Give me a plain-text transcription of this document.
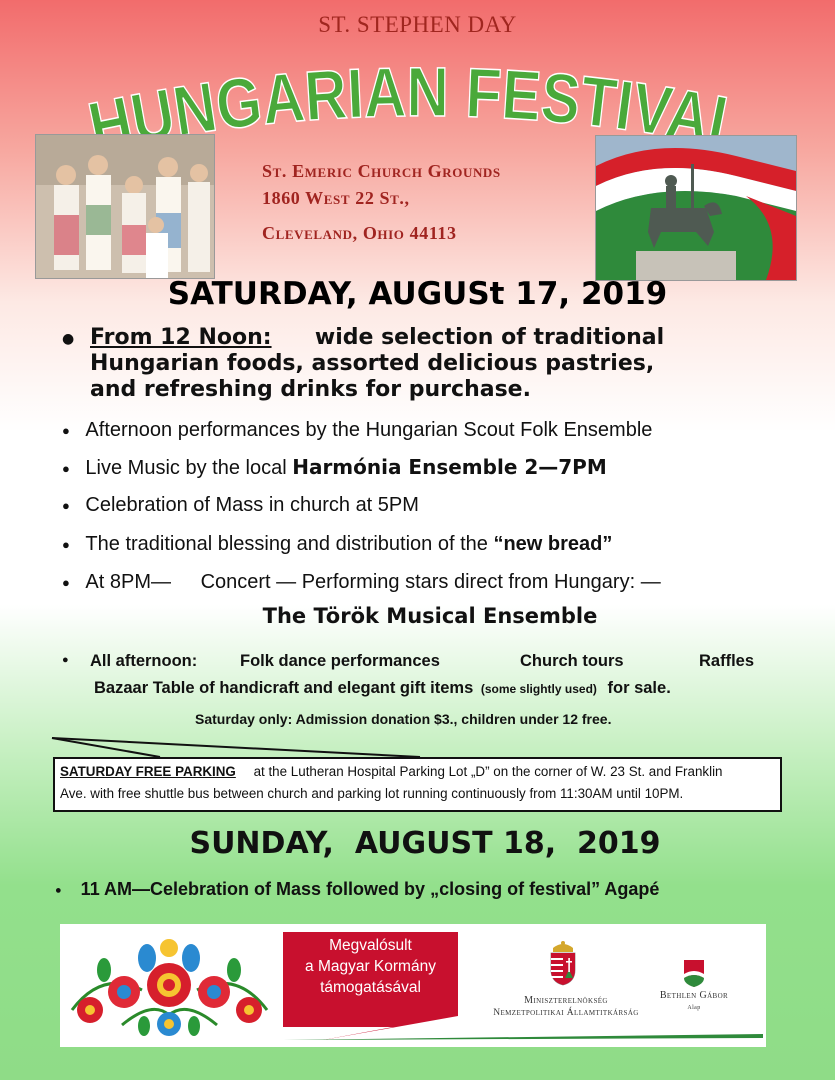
ST. STEPHEN DAY
HUNGARIAN FESTIVAL
St. Emeric Church Grounds
1860 West 22 St.,
Cleveland, Ohio 44113
SATURDAY, AUGUSt 17, 2019
● From 12 Noon: wide selection of traditional
Hungarian foods, assorted delicious pastries,
and refreshing drinks for purchase.
● Afternoon performances by the Hungarian Scout Folk Ensemble
● Live Music by the local Harmónia Ensemble 2—7PM
● Celebration of Mass in church at 5PM
● The traditional blessing and distribution of the “new bread”
● At 8PM— Concert — Performing stars direct from Hungary: —
The Török Musical Ensemble
● All afternoon:	Folk dance performances	Church tours	Raffles
Bazaar Table of handicraft and elegant gift items (some slightly used) for sale.
Saturday only: Admission donation $3., children under 12 free.
SATURDAY FREE PARKING at the Lutheran Hospital Parking Lot „D” on the corner of W. 23 St. and Franklin
Ave. with free shuttle bus between church and parking lot running continuously from 11:30AM until 10PM.
SUNDAY,  AUGUST 18,  2019
● 11 AM—Celebration of Mass followed by „closing of festival” Agapé
Megvalósult
a Magyar Kormány
támogatásával
Miniszterelnökség
Nemzetpolitikai Államtitkárság
Bethlen Gábor
Alap
